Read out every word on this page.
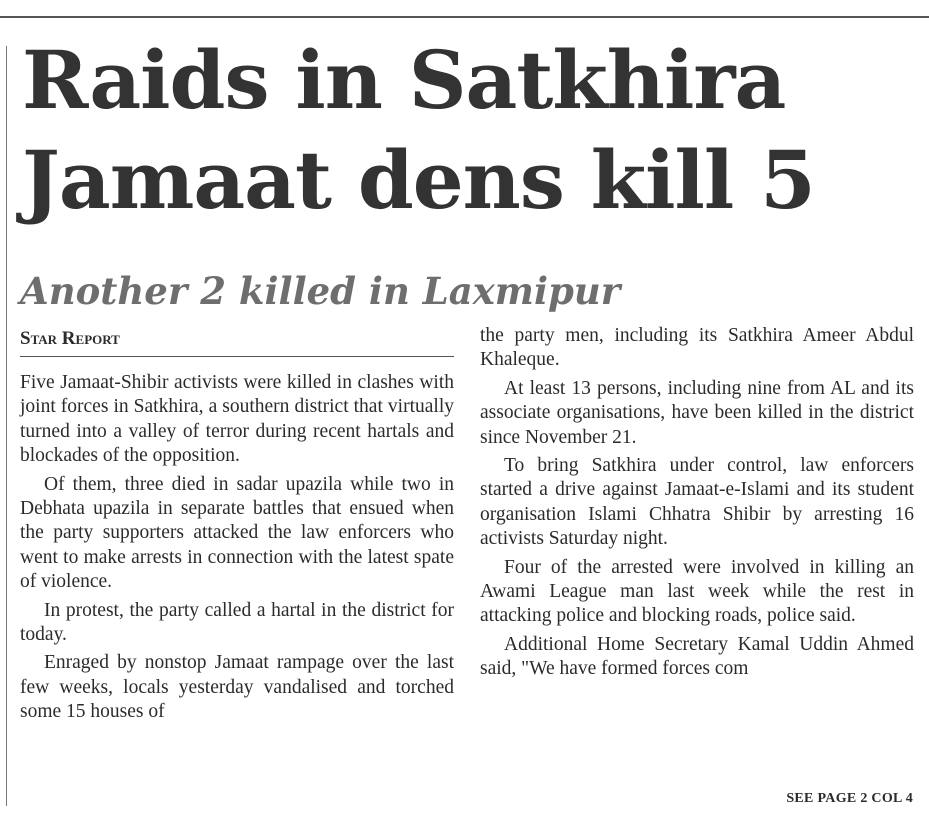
Raids in Satkhira
Jamaat dens kill 5
Another 2 killed in Laxmipur
Star Report

Five Jamaat-Shibir activists were killed in clashes with joint forces in Satkhira, a southern district that virtually turned into a valley of terror during recent hartals and blockades of the opposition.

Of them, three died in sadar upazila while two in Debhata upazila in separate battles that ensued when the party supporters attacked the law enforcers who went to make arrests in connection with the latest spate of violence.

In protest, the party called a hartal in the district for today.

Enraged by nonstop Jamaat rampage over the last few weeks, locals yesterday vandalised and torched some 15 houses of

the party men, including its Satkhira Ameer Abdul Khaleque.

At least 13 persons, including nine from AL and its associate organisations, have been killed in the district since November 21.

To bring Satkhira under control, law enforcers started a drive against Jamaat-e-Islami and its student organisation Islami Chhatra Shibir by arresting 16 activists Saturday night.

Four of the arrested were involved in killing an Awami League man last week while the rest in attacking police and blocking roads, police said.

Additional Home Secretary Kamal Uddin Ahmed said, "We have formed forces com

SEE PAGE 2 COL 4
